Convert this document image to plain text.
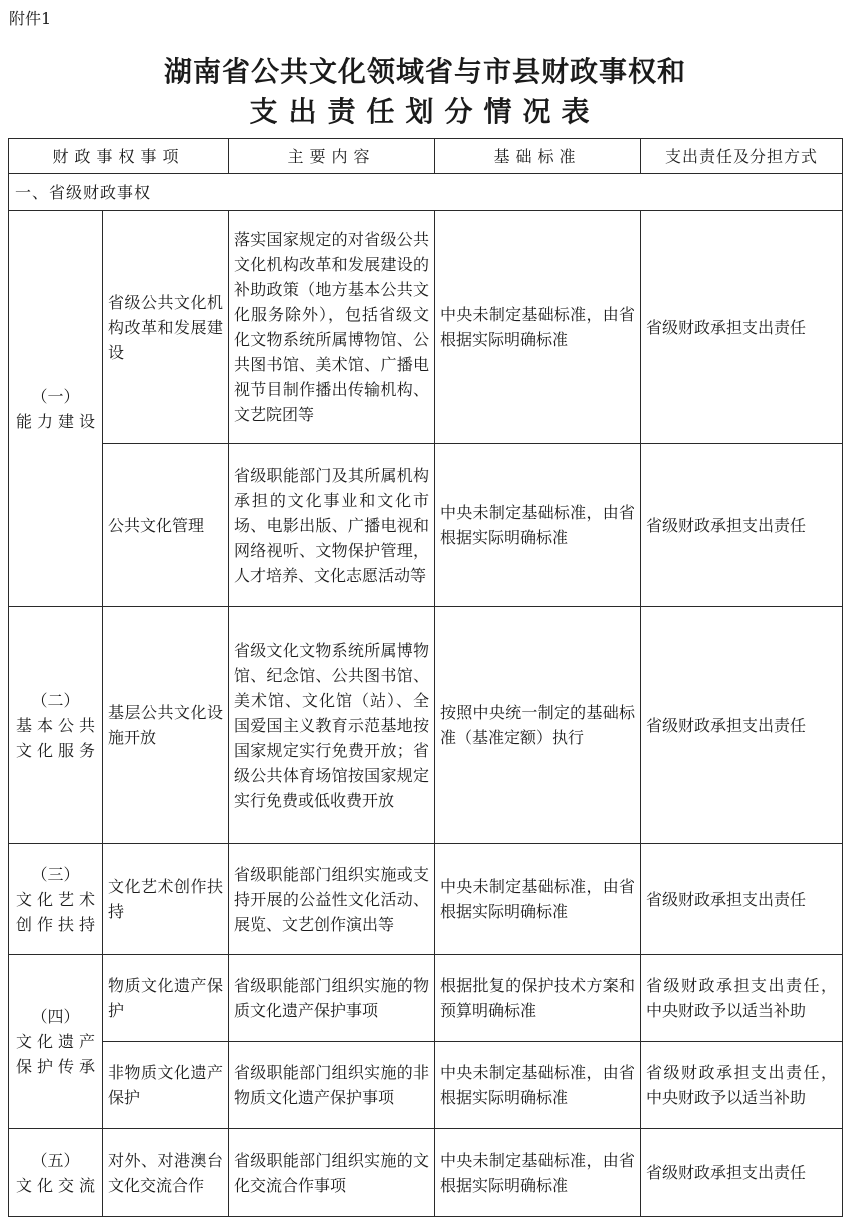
附件1
湖南省公共文化领域省与市县财政事权和
支出责任划分情况表
财政事权事项		主要内容	基础标准	支出责任及分担方式
一、省级财政事权				

（一）
能力建设	省级公共文化机构改革和发展建设	落实国家规定的对省级公共文化机构改革和发展建设的补助政策（地方基本公共文化服务除外），包括省级文化文物系统所属博物馆、公共图书馆、美术馆、广播电视节目制作播出传输机构、文艺院团等	中央未制定基础标准，由省根据实际明确标准	省级财政承担支出责任
	公共文化管理	省级职能部门及其所属机构承担的文化事业和文化市场、电影出版、广播电视和网络视听、文物保护管理，人才培养、文化志愿活动等	中央未制定基础标准，由省根据实际明确标准	省级财政承担支出责任

（二）
基本公共文化服务	基层公共文化设施开放	省级文化文物系统所属博物馆、纪念馆、公共图书馆、美术馆、文化馆（站）、全国爱国主义教育示范基地按国家规定实行免费开放；省级公共体育场馆按国家规定实行免费或低收费开放	按照中央统一制定的基础标准（基准定额）执行	省级财政承担支出责任

（三）
文化艺术创作扶持	文化艺术创作扶持	省级职能部门组织实施或支持开展的公益性文化活动、展览、文艺创作演出等	中央未制定基础标准，由省根据实际明确标准	省级财政承担支出责任

（四）
文化遗产保护传承	物质文化遗产保护	省级职能部门组织实施的物质文化遗产保护事项	根据批复的保护技术方案和预算明确标准	省级财政承担支出责任，中央财政予以适当补助
	非物质文化遗产保护	省级职能部门组织实施的非物质文化遗产保护事项	中央未制定基础标准，由省根据实际明确标准	省级财政承担支出责任，中央财政予以适当补助

（五）
文化交流	对外、对港澳台文化交流合作	省级职能部门组织实施的文化交流合作事项	中央未制定基础标准，由省根据实际明确标准	省级财政承担支出责任
